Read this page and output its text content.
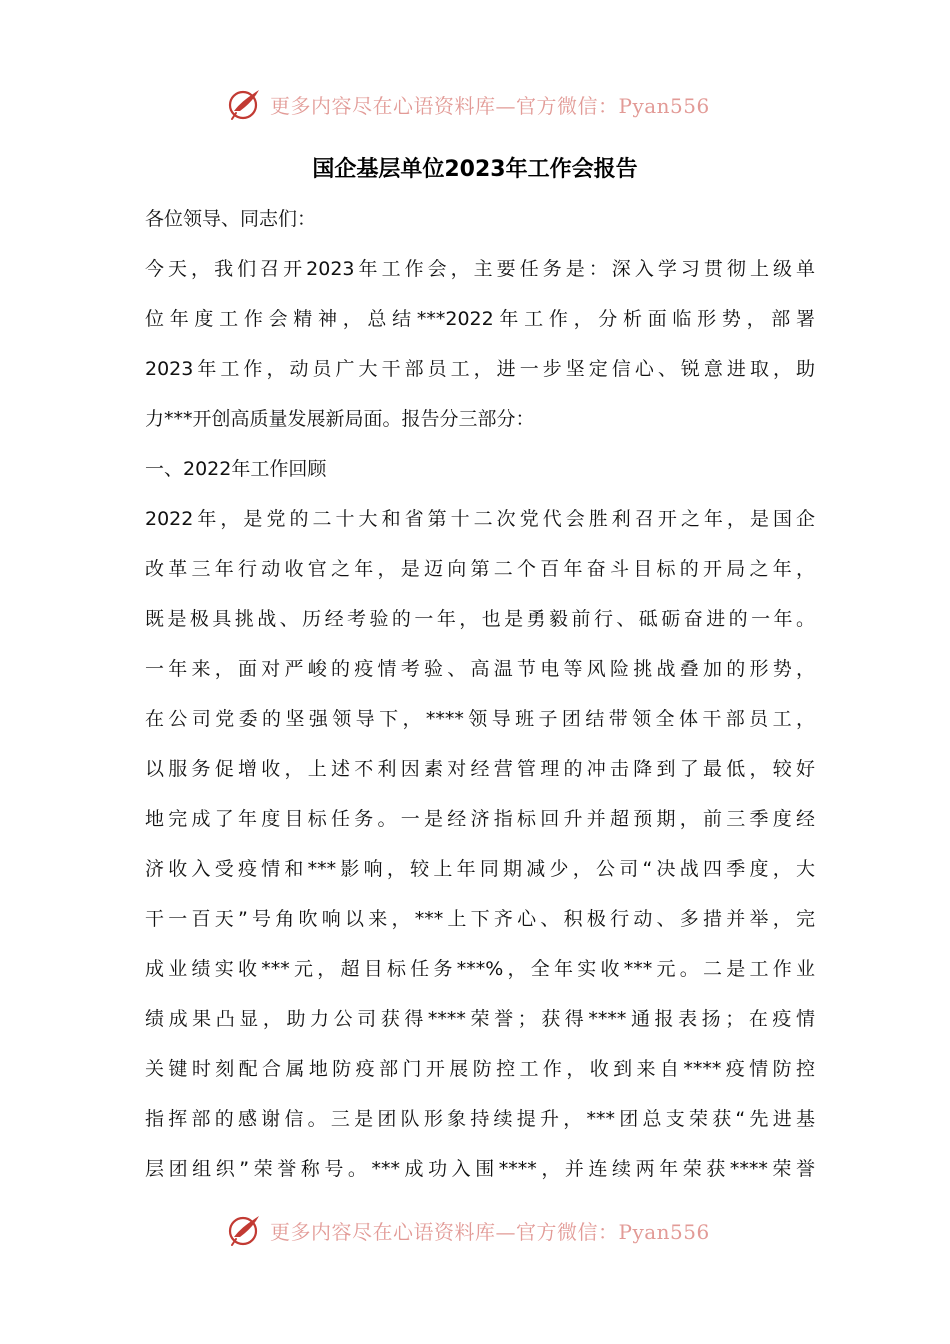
更多内容尽在心语资料库—官方微信：Pyan556
国企基层单位2023年工作会报告
各位领导、同志们：
今天，我们召开2023年工作会，主要任务是：深入学习贯彻上级单
位年度工作会精神，总结***2022年工作，分析面临形势，部署
2023年工作，动员广大干部员工，进一步坚定信心、锐意进取，助
力***开创高质量发展新局面。报告分三部分：
一、2022年工作回顾
2022年，是党的二十大和省第十二次党代会胜利召开之年，是国企
改革三年行动收官之年，是迈向第二个百年奋斗目标的开局之年，
既是极具挑战、历经考验的一年，也是勇毅前行、砥砺奋进的一年。
一年来，面对严峻的疫情考验、高温节电等风险挑战叠加的形势，
在公司党委的坚强领导下，****领导班子团结带领全体干部员工，
以服务促增收，上述不利因素对经营管理的冲击降到了最低，较好
地完成了年度目标任务。一是经济指标回升并超预期，前三季度经
济收入受疫情和***影响，较上年同期减少，公司“决战四季度，大
干一百天”号角吹响以来，***上下齐心、积极行动、多措并举，完
成业绩实收***元，超目标任务***%，全年实收***元。二是工作业
绩成果凸显，助力公司获得****荣誉；获得****通报表扬；在疫情
关键时刻配合属地防疫部门开展防控工作，收到来自****疫情防控
指挥部的感谢信。三是团队形象持续提升，***团总支荣获“先进基
层团组织”荣誉称号。***成功入围****，并连续两年荣获****荣誉
更多内容尽在心语资料库—官方微信：Pyan556
